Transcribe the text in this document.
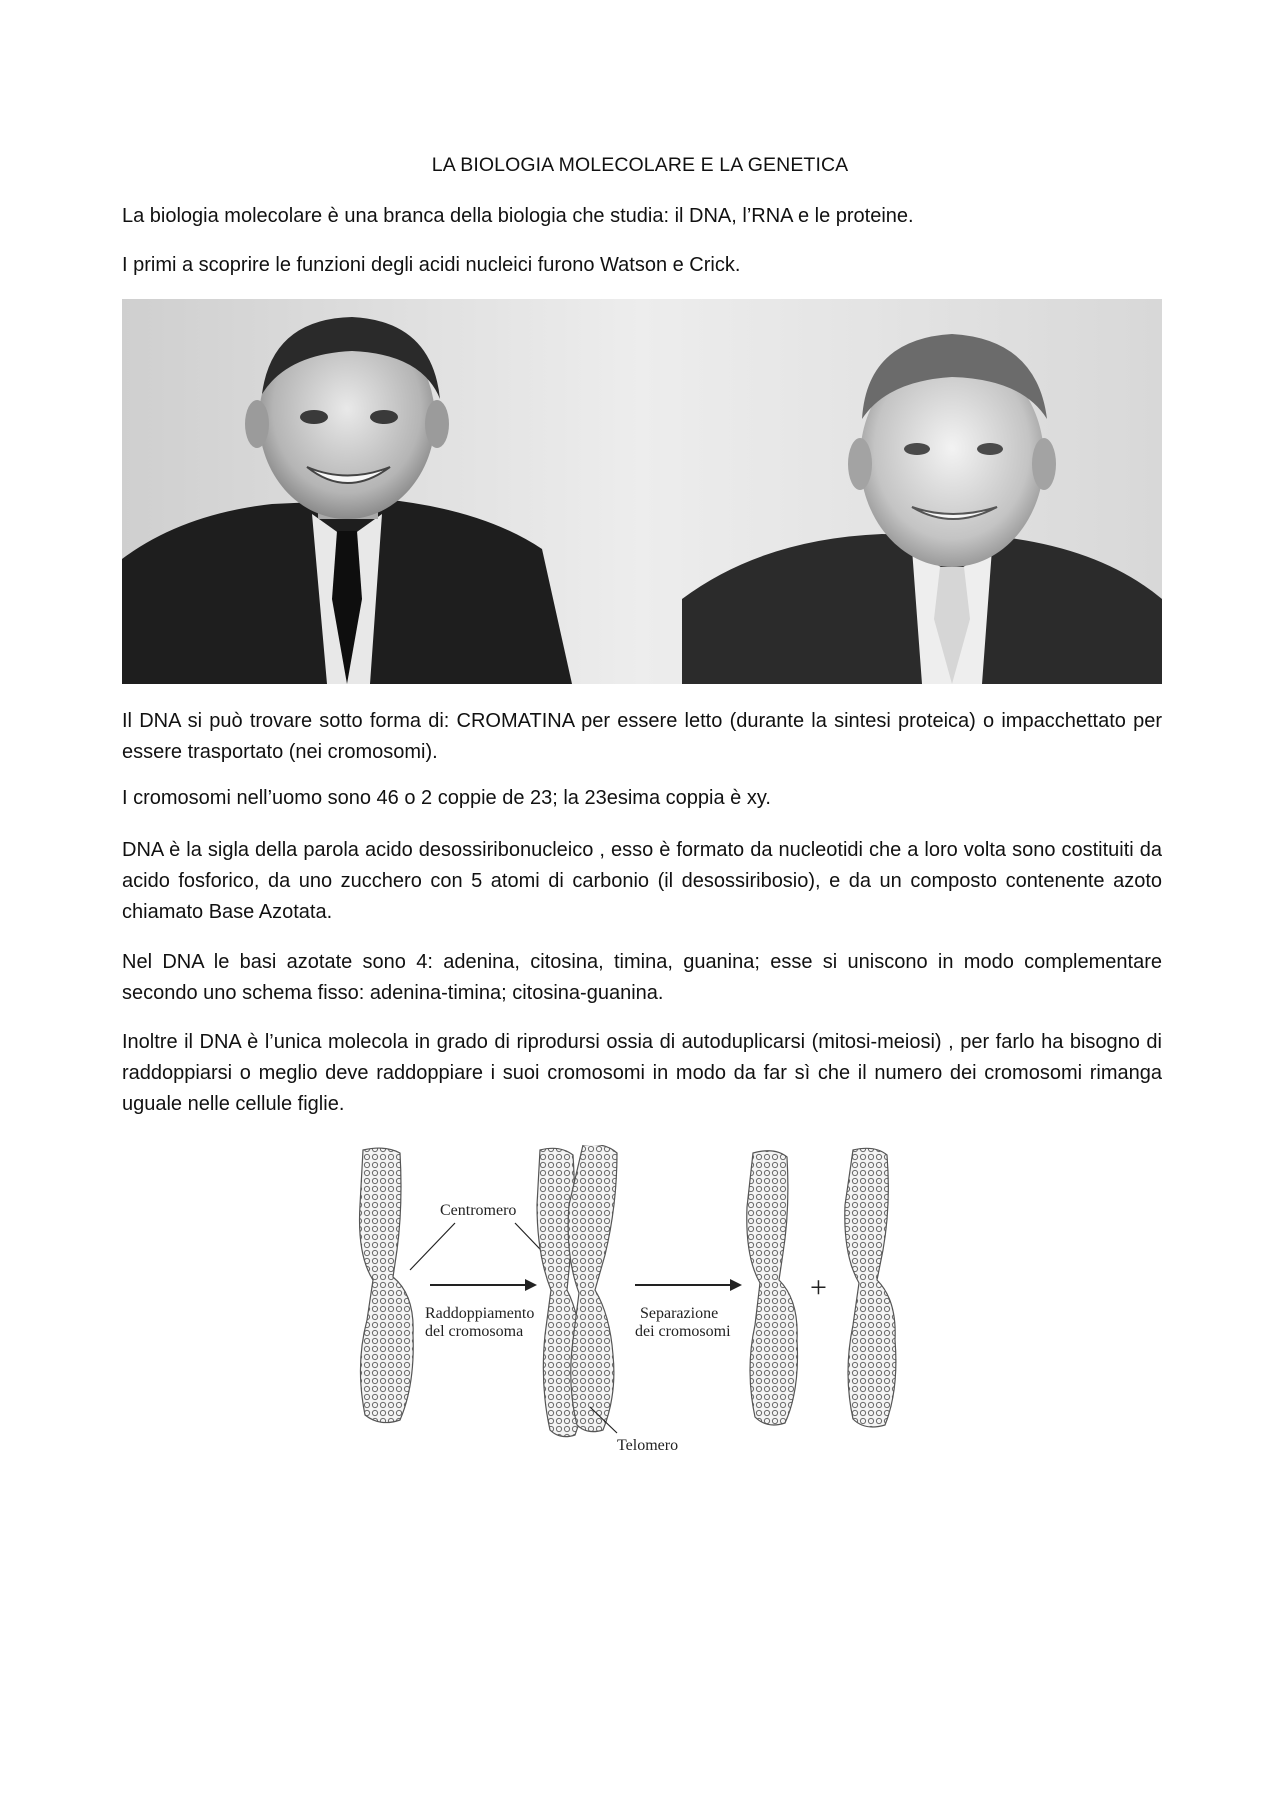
LA BIOLOGIA MOLECOLARE E LA GENETICA
La biologia molecolare è una branca della biologia che studia: il DNA, l’RNA e le proteine.
I primi a scoprire le funzioni degli acidi nucleici furono Watson e Crick.
Il DNA si può trovare sotto forma di: CROMATINA per essere letto (durante la sintesi proteica) o impacchettato per essere trasportato (nei cromosomi).
I cromosomi nell’uomo sono 46 o 2 coppie de 23; la 23esima coppia è xy.
DNA è la sigla della parola acido desossiribonucleico , esso è formato da nucleotidi che a loro volta sono costituiti da acido fosforico, da uno zucchero con 5 atomi di carbonio (il desossiribosio), e da un composto contenente azoto chiamato Base Azotata.
Nel DNA le basi azotate sono 4: adenina, citosina, timina, guanina; esse si uniscono in modo complementare secondo uno schema fisso: adenina-timina; citosina-guanina.
Inoltre il DNA è l’unica molecola in grado di riprodursi ossia di autoduplicarsi (mitosi-meiosi) , per farlo ha bisogno di raddoppiarsi o meglio deve raddoppiare i suoi cromosomi in modo da far sì che il numero dei cromosomi rimanga uguale nelle cellule figlie.
Centromero
Raddoppiamento
del cromosoma
Separazione
dei cromosomi
Telomero
+
